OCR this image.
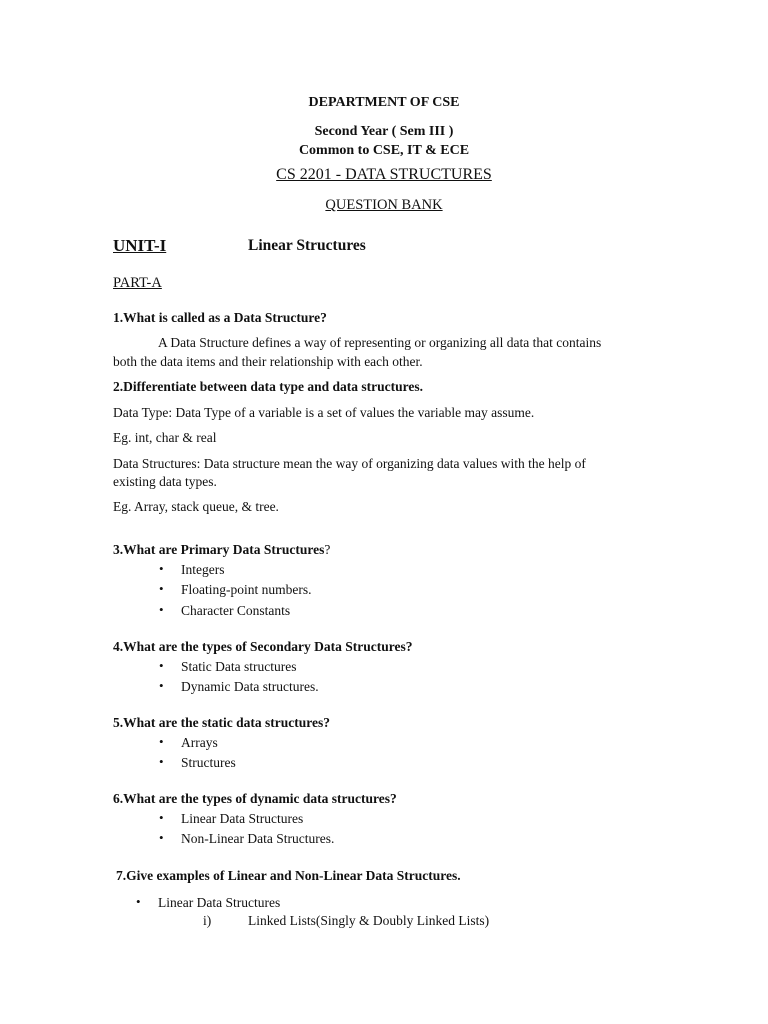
DEPARTMENT OF CSE
Second Year ( Sem III )
Common to CSE, IT & ECE
CS 2201 - DATA STRUCTURES
QUESTION BANK
UNIT-I	Linear Structures
PART-A
1.What is called as a Data Structure?
A Data Structure defines a way of representing or organizing all data that contains
both the data items and their relationship with each other.
2.Differentiate between data type and data structures.
Data Type: Data Type of a variable is a set of values the variable may assume.
Eg. int, char & real
Data Structures: Data structure mean the way of organizing data values with the help of
existing data types.
Eg. Array, stack queue, & tree.
3.What are Primary Data Structures?
• Integers
• Floating-point numbers.
• Character Constants
4.What are the types of Secondary Data Structures?
• Static Data structures
• Dynamic Data structures.
5.What are the static data structures?
• Arrays
• Structures
6.What are the types of dynamic data structures?
• Linear Data Structures
• Non-Linear Data Structures.
7.Give examples of Linear and Non-Linear Data Structures.
• Linear Data Structures
i)	Linked Lists(Singly & Doubly Linked Lists)
